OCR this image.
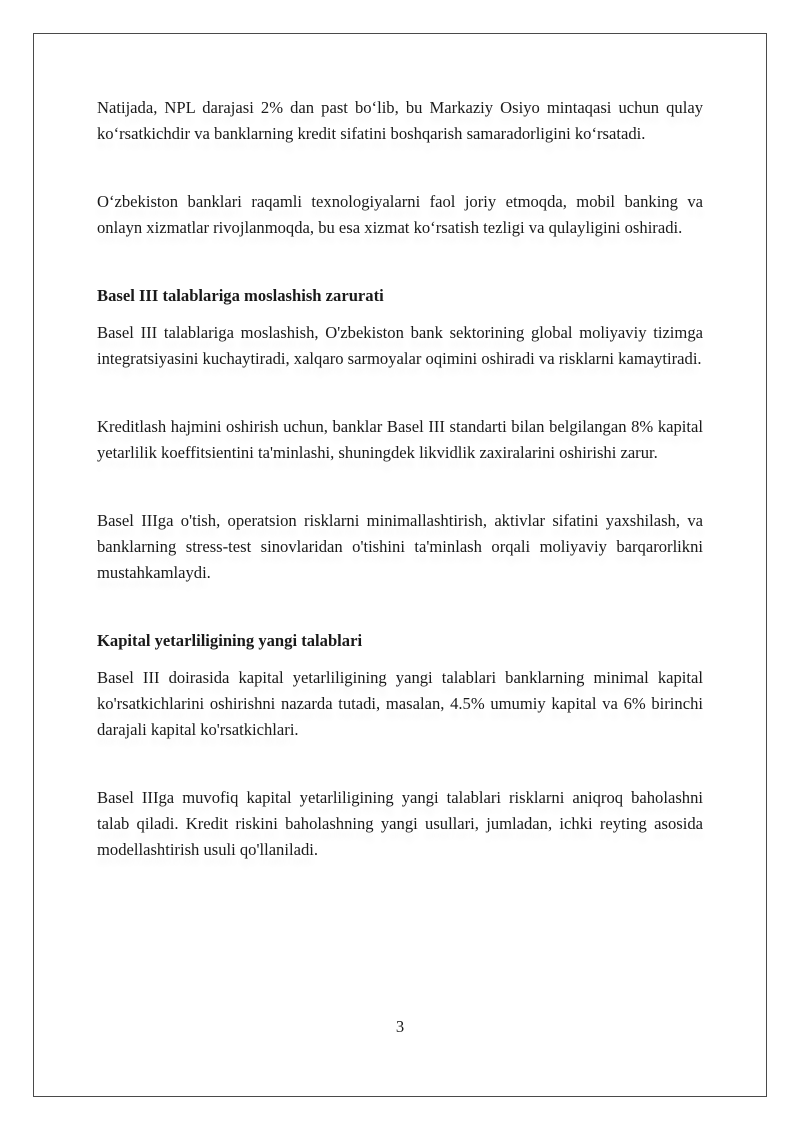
Natijada, NPL darajasi 2% dan past boʻlib, bu Markaziy Osiyo mintaqasi uchun qulay koʻrsatkichdir va banklarning kredit sifatini boshqarish samaradorligini koʻrsatadi.

Oʻzbekiston banklari raqamli texnologiyalarni faol joriy etmoqda, mobil banking va onlayn xizmatlar rivojlanmoqda, bu esa xizmat koʻrsatish tezligi va qulayligini oshiradi.

Basel III talablariga moslashish zarurati

Basel III talablariga moslashish, O'zbekiston bank sektorining global moliyaviy tizimga integratsiyasini kuchaytiradi, xalqaro sarmoyalar oqimini oshiradi va risklarni kamaytiradi.

Kreditlash hajmini oshirish uchun, banklar Basel III standarti bilan belgilangan 8% kapital yetarlilik koeffitsientini ta'minlashi, shuningdek likvidlik zaxiralarini oshirishi zarur.

Basel IIIga o'tish, operatsion risklarni minimallashtirish, aktivlar sifatini yaxshilash, va banklarning stress-test sinovlaridan o'tishini ta'minlash orqali moliyaviy barqarorlikni mustahkamlaydi.

Kapital yetarliligining yangi talablari

Basel III doirasida kapital yetarliligining yangi talablari banklarning minimal kapital ko'rsatkichlarini oshirishni nazarda tutadi, masalan, 4.5% umumiy kapital va 6% birinchi darajali kapital ko'rsatkichlari.

Basel IIIga muvofiq kapital yetarliligining yangi talablari risklarni aniqroq baholashni talab qiladi. Kredit riskini baholashning yangi usullari, jumladan, ichki reyting asosida modellashtirish usuli qo'llaniladi.

3
